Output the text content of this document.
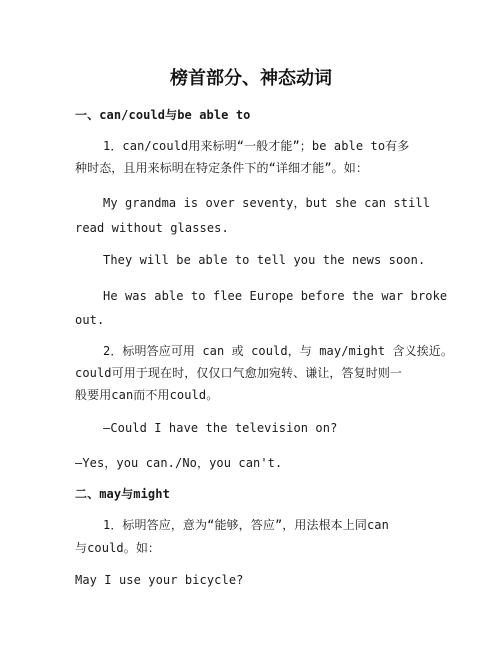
榜首部分、神态动词
一、can/could与be able to
1．can/could用来标明“一般才能”；be able to有多
种时态，且用来标明在特定条件下的“详细才能”。如：
My grandma is over seventy，but she can still
read without glasses.
They will be able to tell you the news soon.
He was able to flee Europe before the war broke
out.
2．标明答应可用 can 或 could，与 may/might 含义挨近。
could可用于现在时，仅仅口气愈加宛转、谦让，答复时则一
般要用can而不用could。
—Could I have the television on?
—Yes，you can./No，you can't.
二、may与might
1．标明答应，意为“能够，答应”，用法根本上同can
与could。如：
May I use your bicycle?
